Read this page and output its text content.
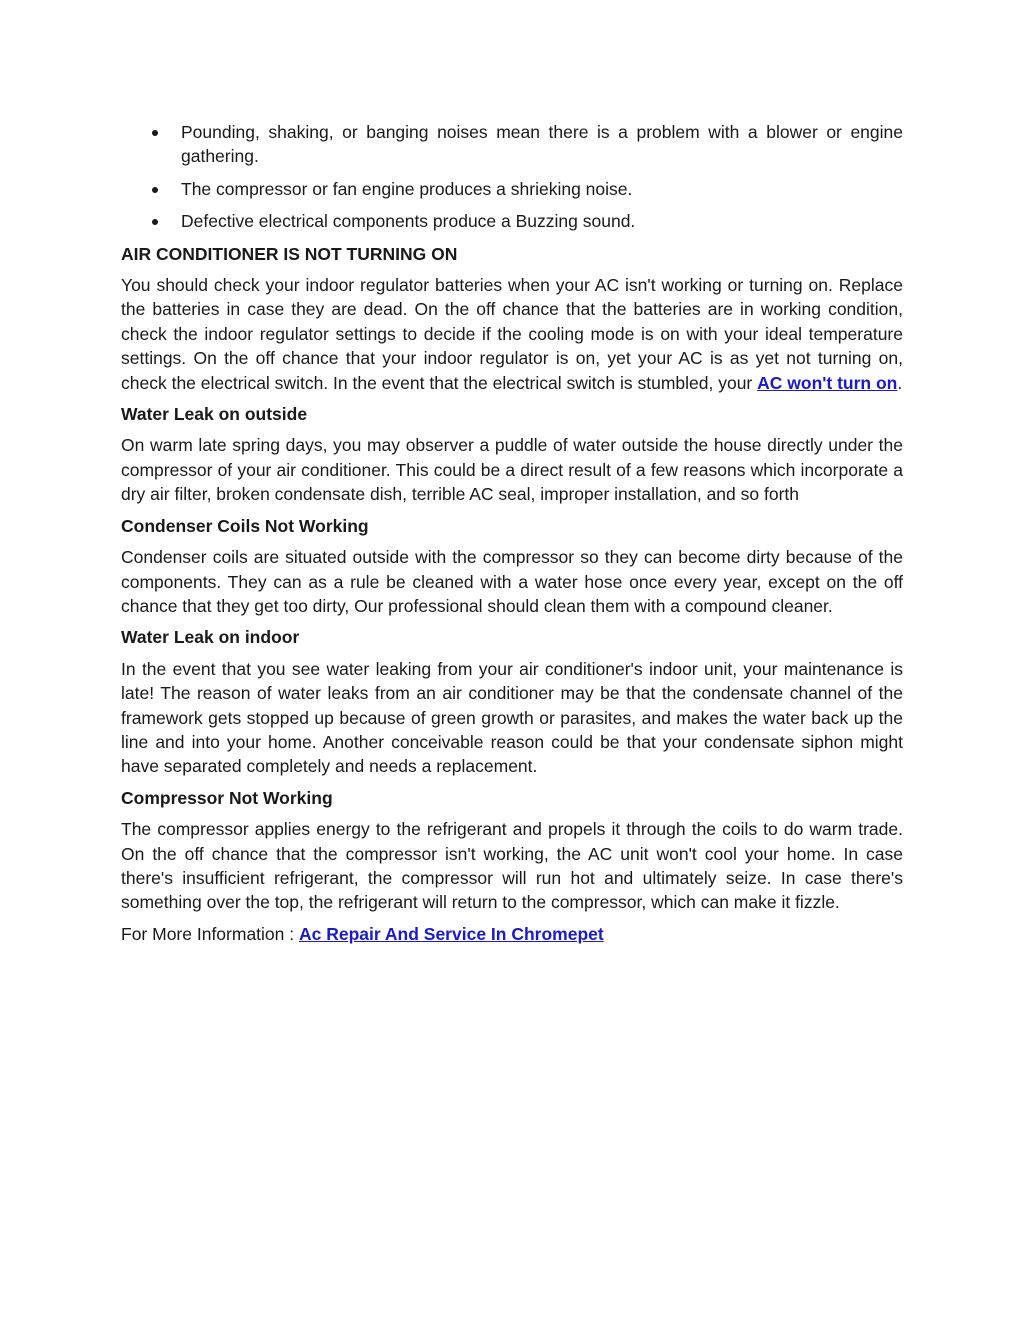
Pounding, shaking, or banging noises mean there is a problem with a blower or engine gathering.
The compressor or fan engine produces a shrieking noise.
Defective electrical components produce a Buzzing sound.
AIR CONDITIONER IS NOT TURNING ON

You should check your indoor regulator batteries when your AC isn't working or turning on. Replace the batteries in case they are dead. On the off chance that the batteries are in working condition, check the indoor regulator settings to decide if the cooling mode is on with your ideal temperature settings. On the off chance that your indoor regulator is on, yet your AC is as yet not turning on, check the electrical switch. In the event that the electrical switch is stumbled, your AC won't turn on.

Water Leak on outside

On warm late spring days, you may observer a puddle of water outside the house directly under the compressor of your air conditioner. This could be a direct result of a few reasons which incorporate a dry air filter, broken condensate dish, terrible AC seal, improper installation, and so forth

Condenser Coils Not Working

Condenser coils are situated outside with the compressor so they can become dirty because of the components. They can as a rule be cleaned with a water hose once every year, except on the off chance that they get too dirty, Our professional should clean them with a compound cleaner.

Water Leak on indoor

In the event that you see water leaking from your air conditioner's indoor unit, your maintenance is late! The reason of water leaks from an air conditioner may be that the condensate channel of the framework gets stopped up because of green growth or parasites, and makes the water back up the line and into your home. Another conceivable reason could be that your condensate siphon might have separated completely and needs a replacement.

Compressor Not Working

The compressor applies energy to the refrigerant and propels it through the coils to do warm trade. On the off chance that the compressor isn't working, the AC unit won't cool your home. In case there's insufficient refrigerant, the compressor will run hot and ultimately seize. In case there's something over the top, the refrigerant will return to the compressor, which can make it fizzle.

For More Information : Ac Repair And Service In Chromepet
